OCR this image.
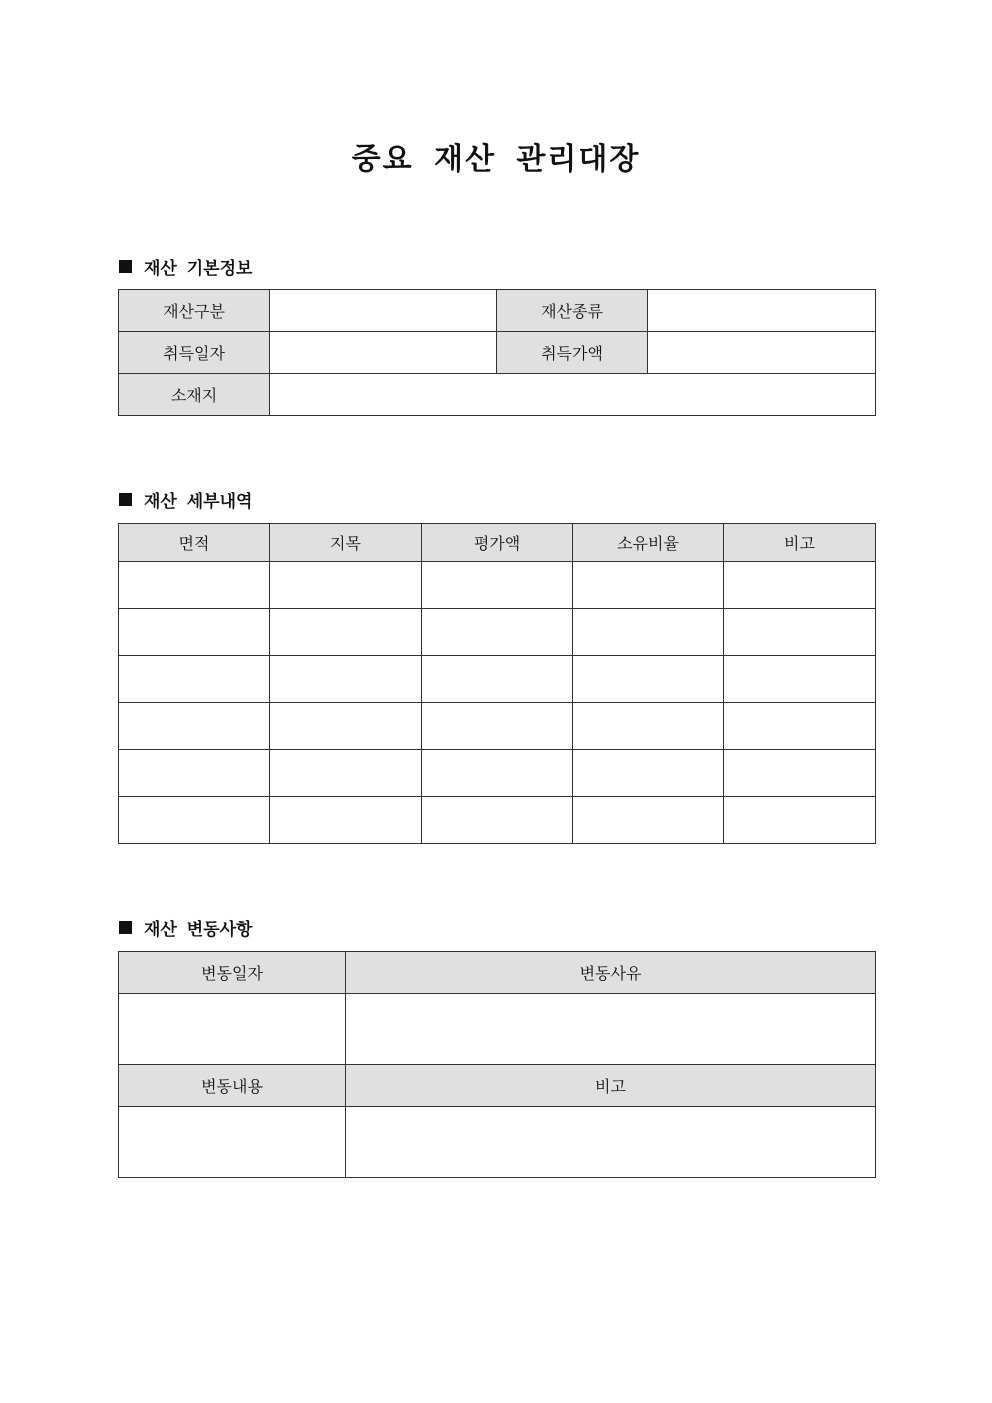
중요 재산 관리대장
재산 기본정보
재산구분		재산종류	
취득일자		취득가액	
소재지			
재산 세부내역
면적	지목	평가액	소유비율	비고

재산 변동사항
변동일자	변동사유

변동내용	비고
